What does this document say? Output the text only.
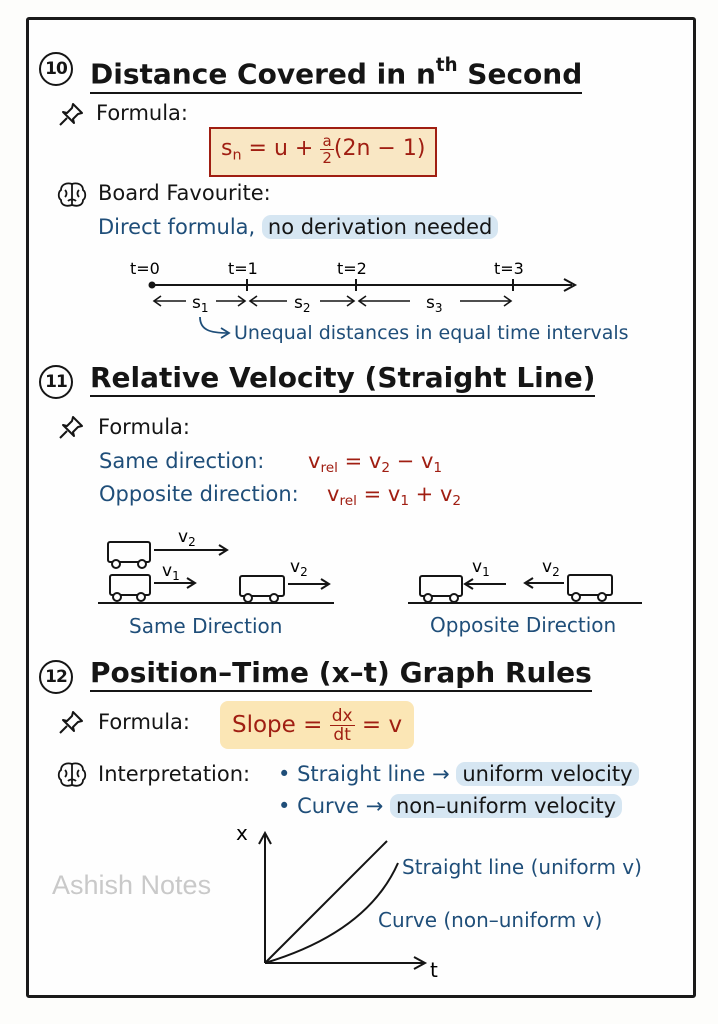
10 Distance Covered in $n^{th}$ Second
Formula:
$s_n = u + \frac{a}{2} (2n - 1)$
Board Favourite:
Direct formula, no derivation needed
t=0	t=1	t=2	t=3
$s_1$	$s_2$	$s_3$
Unequal distances in equal time intervals
11 Relative Velocity (Straight Line)
Formula:
Same direction: $v_{rel} = v_2 - v_1$
Opposite direction: $v_{rel} = v_1 + v_2$
$v_2$
$v_1$	$v_2$	$v_1$	$v_2$
Same Direction	Opposite Direction
12 Position–Time (x–t) Graph Rules
Formula:	Slope = $\frac{dx}{dt} = v$
Interpretation: • Straight line → uniform velocity
• Curve → non–uniform velocity
x
t
Straight line (uniform v)
Curve (non–uniform v)
Ashish Notes
